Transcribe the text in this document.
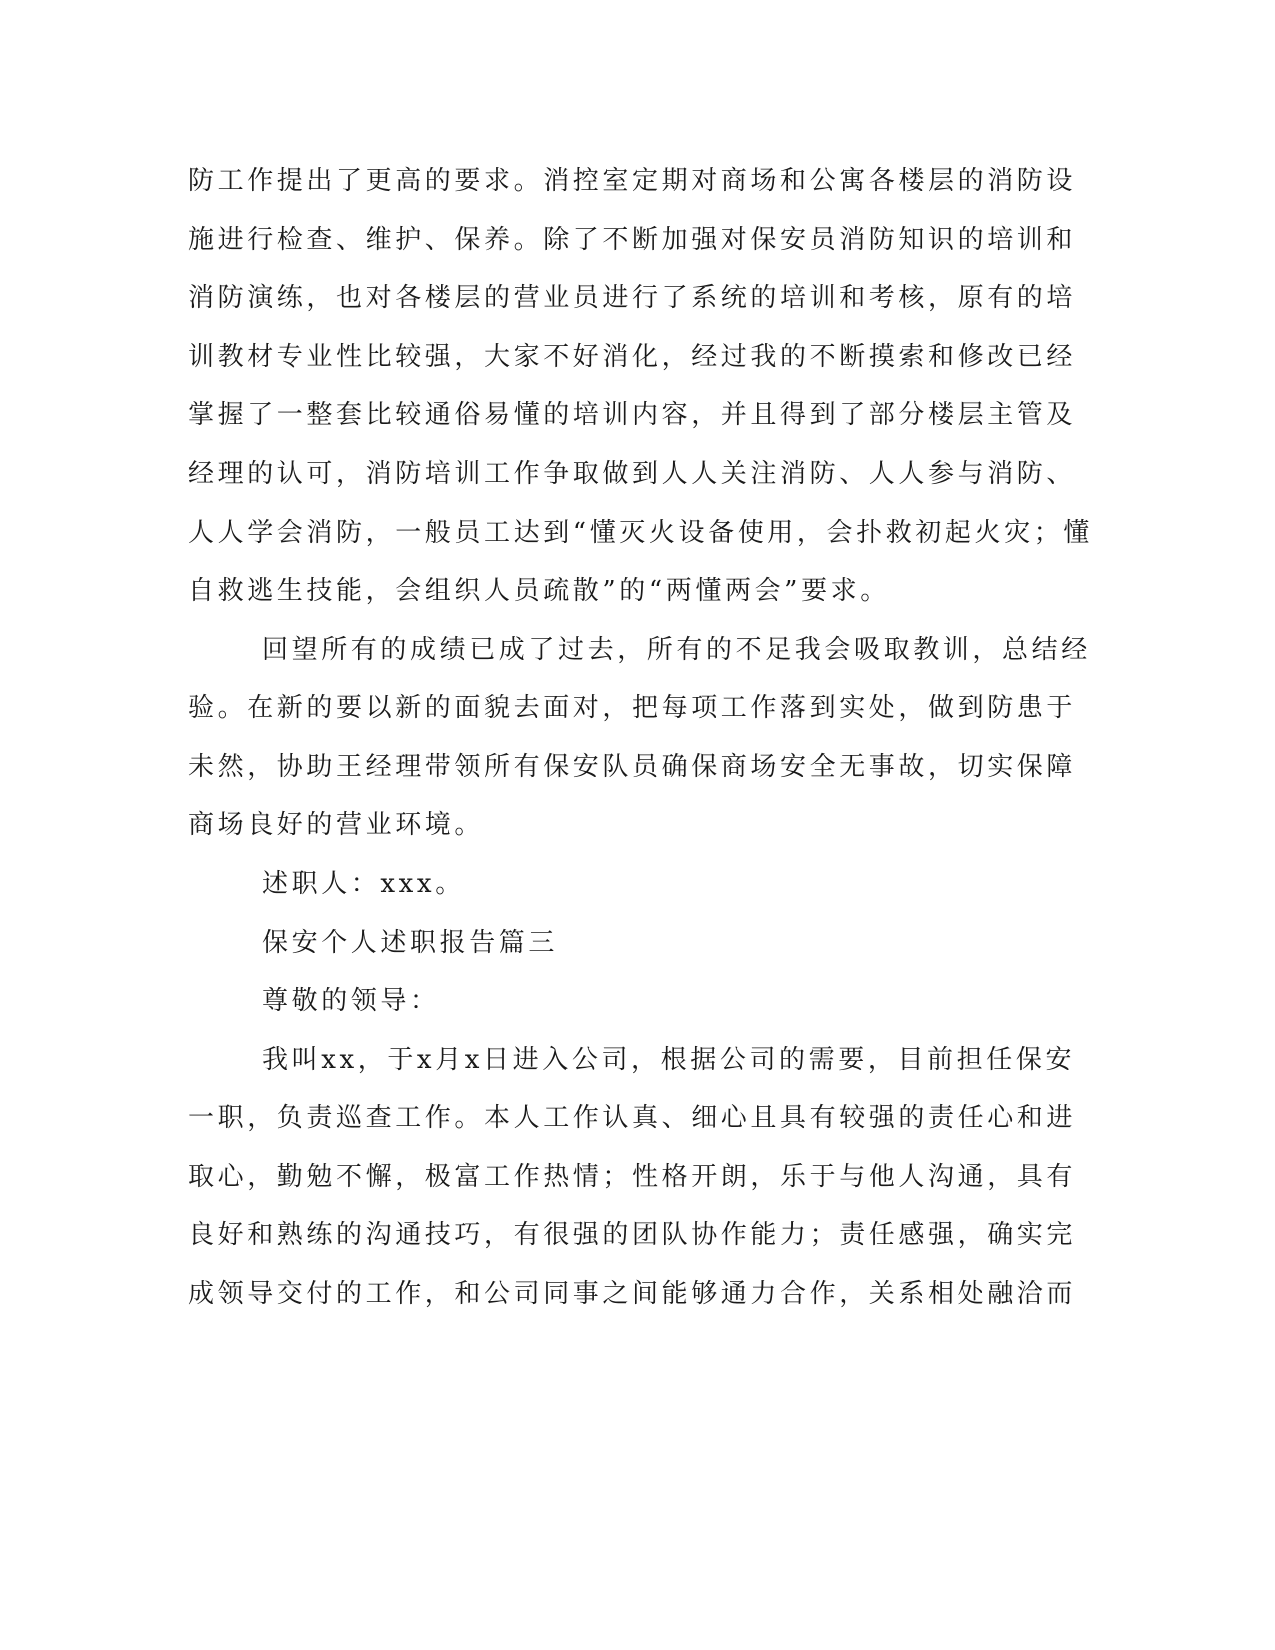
防工作提出了更高的要求。消控室定期对商场和公寓各楼层的消防设
施进行检查、维护、保养。除了不断加强对保安员消防知识的培训和
消防演练，也对各楼层的营业员进行了系统的培训和考核，原有的培
训教材专业性比较强，大家不好消化，经过我的不断摸索和修改已经
掌握了一整套比较通俗易懂的培训内容，并且得到了部分楼层主管及
经理的认可，消防培训工作争取做到人人关注消防、人人参与消防、
人人学会消防，一般员工达到“懂灭火设备使用，会扑救初起火灾；懂
自救逃生技能，会组织人员疏散”的“两懂两会”要求。
回望所有的成绩已成了过去，所有的不足我会吸取教训，总结经
验。在新的要以新的面貌去面对，把每项工作落到实处，做到防患于
未然，协助王经理带领所有保安队员确保商场安全无事故，切实保障
商场良好的营业环境。
述职人：xxx。
保安个人述职报告篇三
尊敬的领导：
我叫xx，于x月x日进入公司，根据公司的需要，目前担任保安
一职，负责巡查工作。本人工作认真、细心且具有较强的责任心和进
取心，勤勉不懈，极富工作热情；性格开朗，乐于与他人沟通，具有
良好和熟练的沟通技巧，有很强的团队协作能力；责任感强，确实完
成领导交付的工作，和公司同事之间能够通力合作，关系相处融洽而
